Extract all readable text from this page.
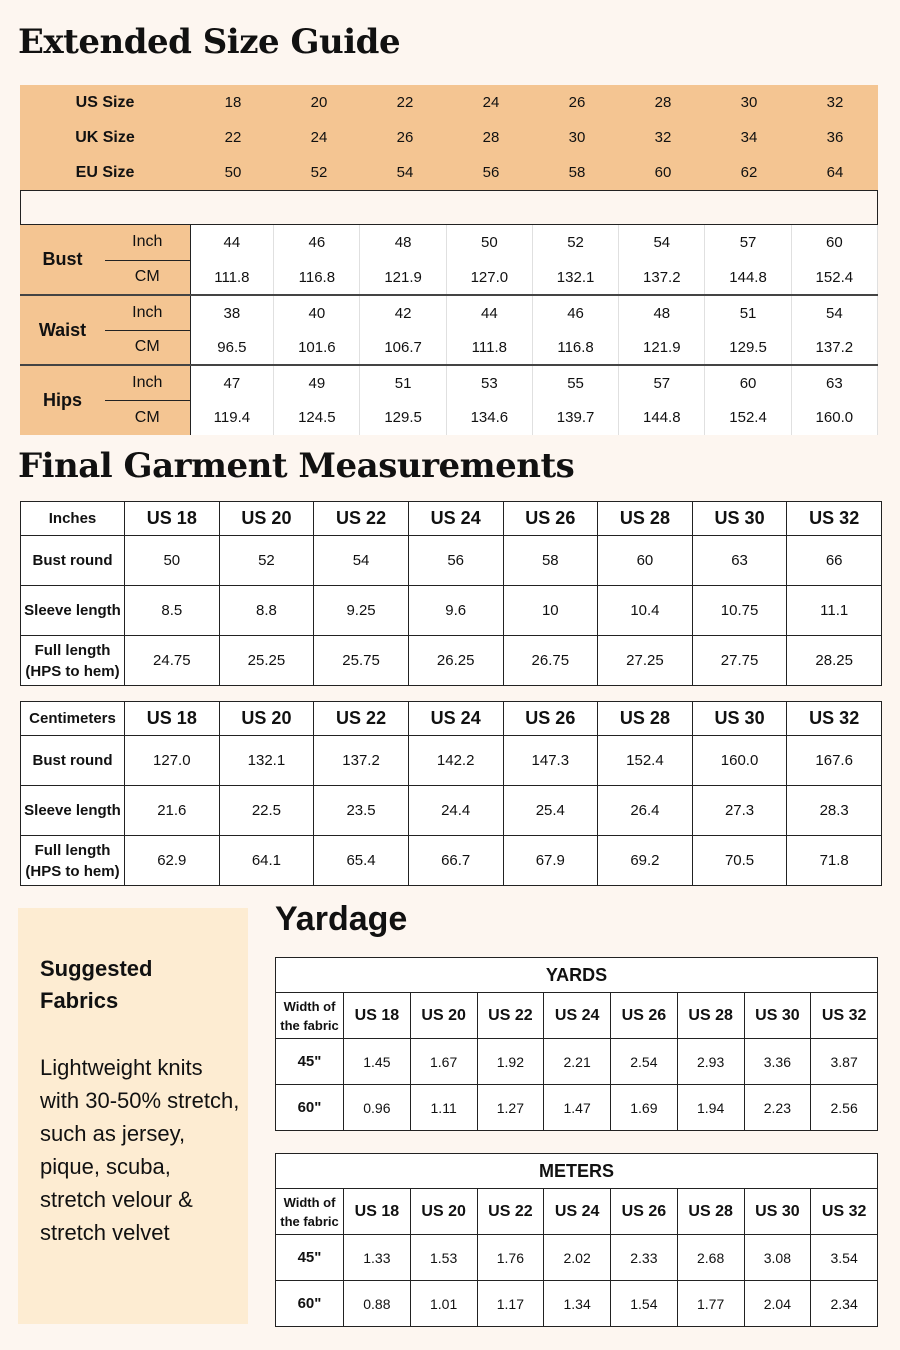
Extended Size Guide
US Size	18	20	22	24	26	28	30	32
UK Size	22	24	26	28	30	32	34	36
EU Size	50	52	54	56	58	60	62	64
Bust	Inch	44	46	48	50	52	54	57	60
	CM	111.8	116.8	121.9	127.0	132.1	137.2	144.8	152.4
Waist	Inch	38	40	42	44	46	48	51	54
	CM	96.5	101.6	106.7	111.8	116.8	121.9	129.5	137.2
Hips	Inch	47	49	51	53	55	57	60	63
	CM	119.4	124.5	129.5	134.6	139.7	144.8	152.4	160.0
Final Garment Measurements
Inches	US 18	US 20	US 22	US 24	US 26	US 28	US 30	US 32
Bust round	50	52	54	56	58	60	63	66
Sleeve length	8.5	8.8	9.25	9.6	10	10.4	10.75	11.1

Full length
(HPS to hem)	24.75	25.25	25.75	26.25	26.75	27.25	27.75	28.25
Centimeters	US 18	US 20	US 22	US 24	US 26	US 28	US 30	US 32
Bust round	127.0	132.1	137.2	142.2	147.3	152.4	160.0	167.6
Sleeve length	21.6	22.5	23.5	24.4	25.4	26.4	27.3	28.3

Full length
(HPS to hem)	62.9	64.1	65.4	66.7	67.9	69.2	70.5	71.8
Suggested Fabrics
Lightweight knits with 30-50% stretch, such as jersey, pique, scuba, stretch velour & stretch velvet
Yardage
YARDS								

Width of
the fabric	US 18	US 20	US 22	US 24	US 26	US 28	US 30	US 32
45"	1.45	1.67	1.92	2.21	2.54	2.93	3.36	3.87
60"	0.96	1.11	1.27	1.47	1.69	1.94	2.23	2.56
METERS								

Width of
the fabric	US 18	US 20	US 22	US 24	US 26	US 28	US 30	US 32
45"	1.33	1.53	1.76	2.02	2.33	2.68	3.08	3.54
60"	0.88	1.01	1.17	1.34	1.54	1.77	2.04	2.34
